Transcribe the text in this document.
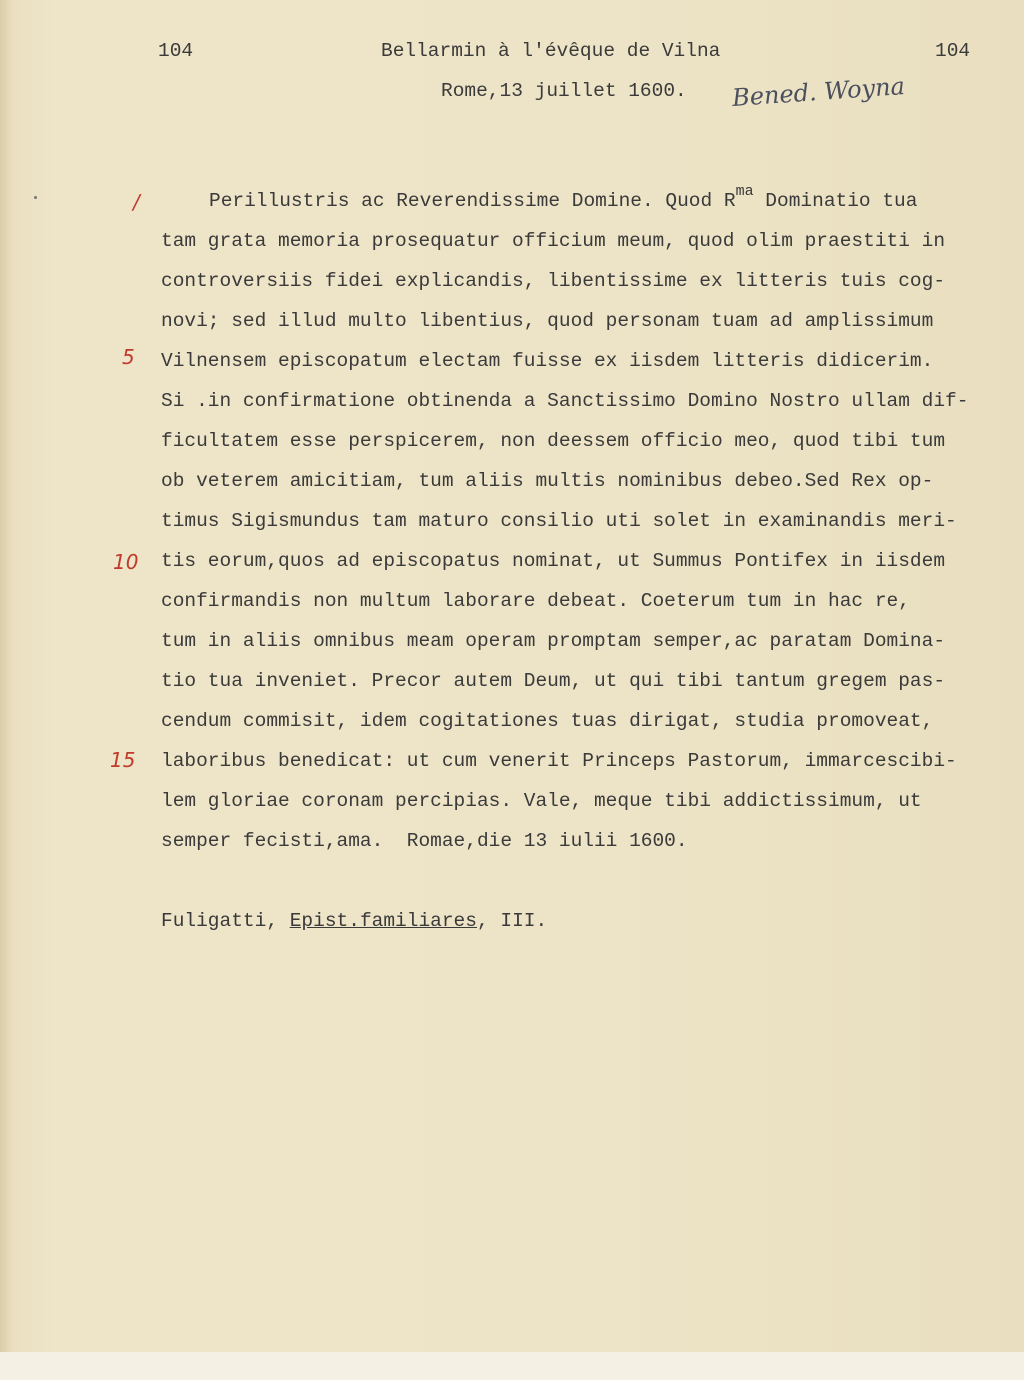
104	Bellarmin à l'évêque de Vilna	104
Rome,13 juillet 1600. Bened. Woyna
/
5
10
15
Perillustris ac Reverendissime Domine. Quod $R^{ma}$ Dominatio tua
tam grata memoria prosequatur officium meum, quod olim praestiti in
controversiis fidei explicandis, libentissime ex litteris tuis cog-
novi; sed illud multo libentius, quod personam tuam ad amplissimum
Vilnensem episcopatum electam fuisse ex iisdem litteris didicerim.
Si .in confirmatione obtinenda a Sanctissimo Domino Nostro ullam dif-
ficultatem esse perspicerem, non deessem officio meo, quod tibi tum
ob veterem amicitiam, tum aliis multis nominibus debeo.Sed Rex op-
timus Sigismundus tam maturo consilio uti solet in examinandis meri-
tis eorum,quos ad episcopatus nominat, ut Summus Pontifex in iisdem
confirmandis non multum laborare debeat. Coeterum tum in hac re,
tum in aliis omnibus meam operam promptam semper,ac paratam Domina-
tio tua inveniet. Precor autem Deum, ut qui tibi tantum gregem pas-
cendum commisit, idem cogitationes tuas dirigat, studia promoveat,
laboribus benedicat: ut cum venerit Princeps Pastorum, immarcescibi-
lem gloriae coronam percipias. Vale, meque tibi addictissimum, ut
semper fecisti,ama.  Romae,die 13 iulii 1600.
Fuligatti, Epist.familiares, III.
